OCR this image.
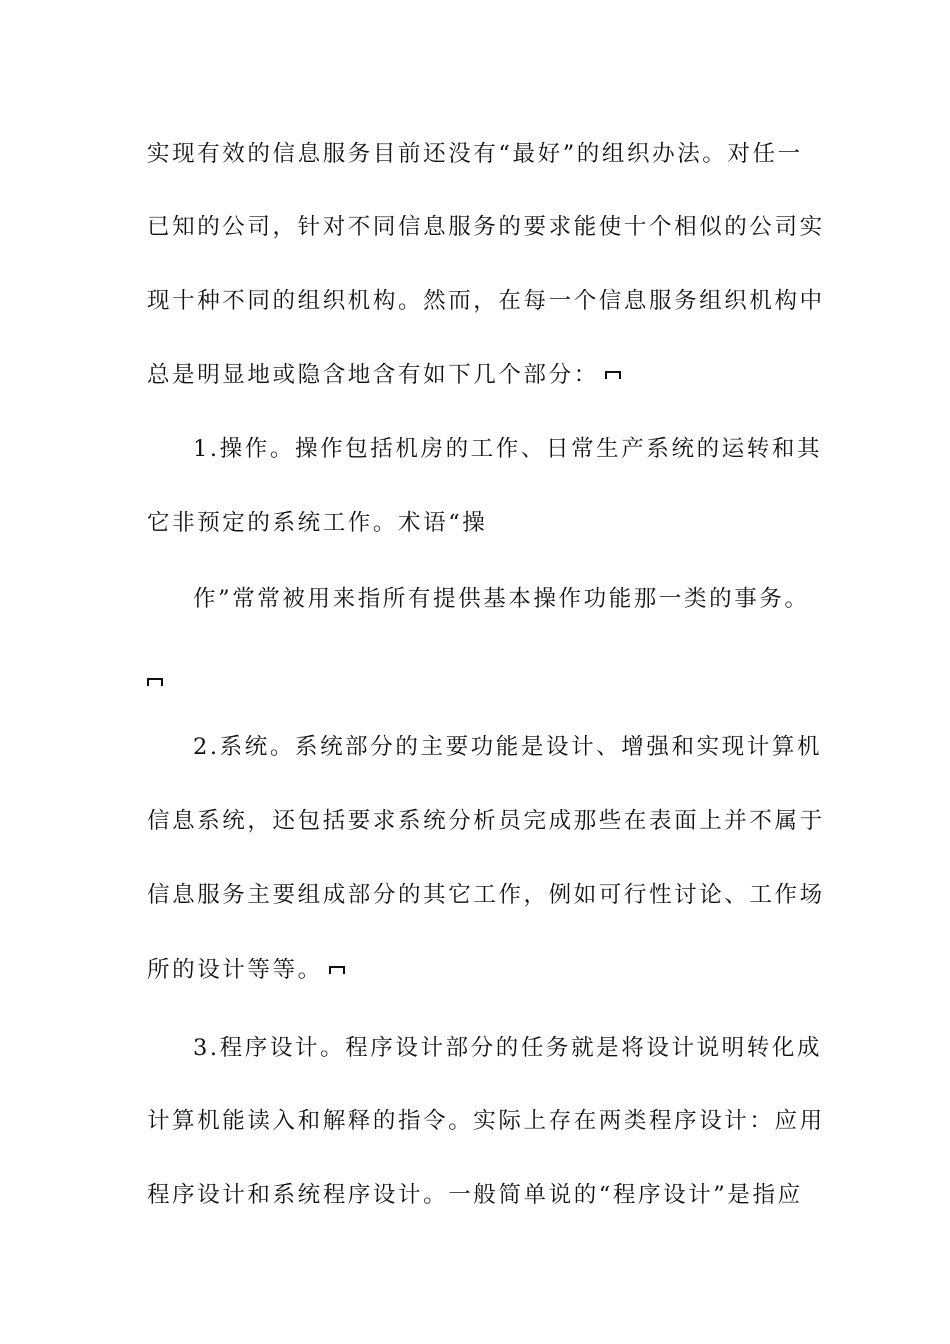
实现有效的信息服务目前还没有“最好”的组织办法。对任一
已知的公司，针对不同信息服务的要求能使十个相似的公司实
现十种不同的组织机构。然而，在每一个信息服务组织机构中
总是明显地或隐含地含有如下几个部分：
1.操作。操作包括机房的工作、日常生产系统的运转和其
它非预定的系统工作。术语“操
作”常常被用来指所有提供基本操作功能那一类的事务。
2.系统。系统部分的主要功能是设计、增强和实现计算机
信息系统，还包括要求系统分析员完成那些在表面上并不属于
信息服务主要组成部分的其它工作，例如可行性讨论、工作场
所的设计等等。
3.程序设计。程序设计部分的任务就是将设计说明转化成
计算机能读入和解释的指令。实际上存在两类程序设计：应用
程序设计和系统程序设计。一般简单说的“程序设计”是指应
